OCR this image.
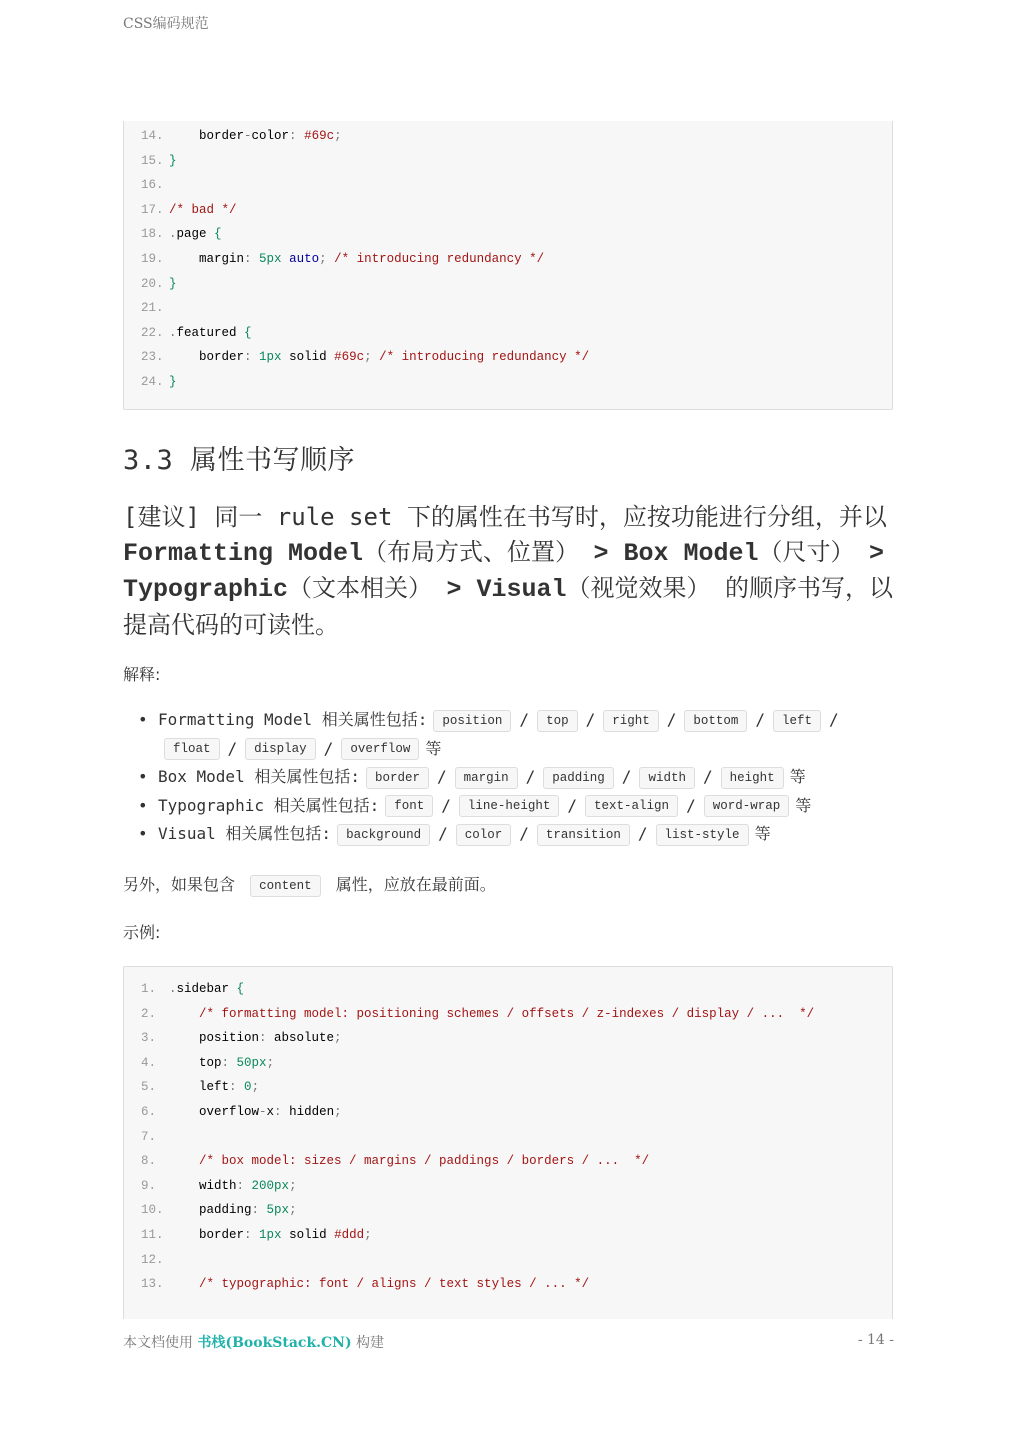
CSS编码规范
14. border-color: #69c;
15. }
16.
17. /* bad */
18. .page {
19. margin: 5px auto; /* introducing redundancy */
20. }
21.
22. .featured {
23. border: 1px solid #69c; /* introducing redundancy */
24. }
3.3 属性书写顺序

[建议] 同一 rule set 下的属性在书写时，应按功能进行分组，并以 Formatting Model（布局方式、位置） > Box Model（尺寸） > Typographic（文本相关） > Visual（视觉效果） 的顺序书写，以提高代码的可读性。

解释:

• Formatting Model 相关属性包括: position / top / right / bottom / left /float / display / overflow 等
• Box Model 相关属性包括: border / margin / padding / width / height 等
• Typographic 相关属性包括: font / line-height / text-align / word-wrap 等
• Visual 相关属性包括: background / color / transition / list-style 等

另外，如果包含 content 属性，应放在最前面。

示例:

1.	.sidebar {
2.	/* formatting model: positioning schemes / offsets / z-indexes / display / ...  */
3.	position: absolute;
4.	top: 50px;
5.	left: 0;
6.	overflow-x: hidden;
7.
8.	/* box model: sizes / margins / paddings / borders / ...  */
9.	width: 200px;
10. padding: 5px;
11. border: 1px solid #ddd;
12.
13.	/* typographic: font / aligns / text styles / ... */
本文档使用 书栈(BookStack.CN) 构建	- 14 -
